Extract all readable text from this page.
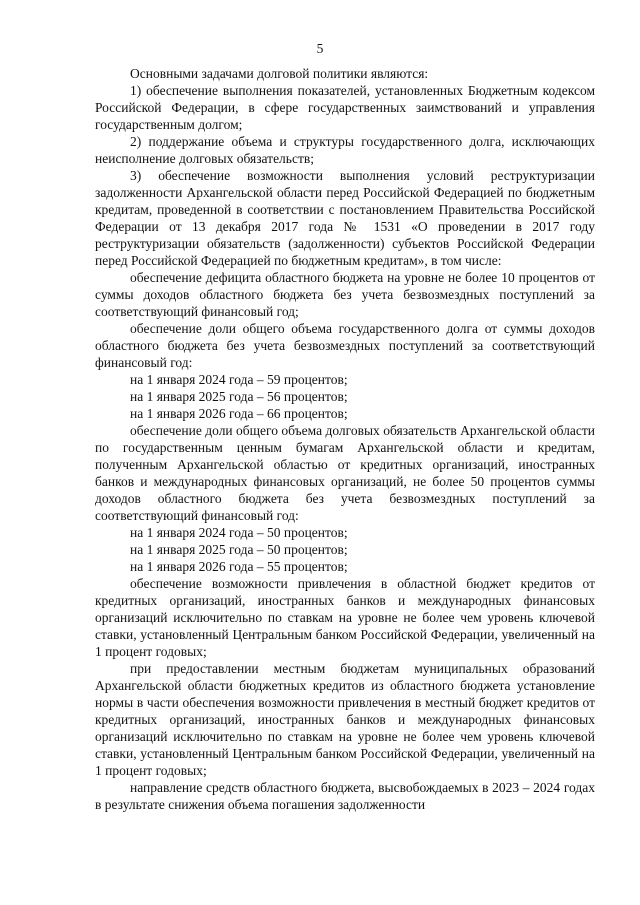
5

Основными задачами долговой политики являются:

1) обеспечение выполнения показателей, установленных Бюджетным кодексом Российской Федерации, в сфере государственных заимствований и управления государственным долгом;

2) поддержание объема и структуры государственного долга, исключающих неисполнение долговых обязательств;

3) обеспечение возможности выполнения условий реструктуризации задолженности Архангельской области перед Российской Федерацией по бюджетным кредитам, проведенной в соответствии с постановлением Правительства Российской Федерации от 13 декабря 2017 года № 1531 «О проведении в 2017 году реструктуризации обязательств (задолженности) субъектов Российской Федерации перед Российской Федерацией по бюджетным кредитам», в том числе:

обеспечение дефицита областного бюджета на уровне не более 10 процентов от суммы доходов областного бюджета без учета безвозмездных поступлений за соответствующий финансовый год;

обеспечение доли общего объема государственного долга от суммы доходов областного бюджета без учета безвозмездных поступлений за соответствующий финансовый год:

на 1 января 2024 года – 59 процентов;

на 1 января 2025 года – 56 процентов;

на 1 января 2026 года – 66 процентов;

обеспечение доли общего объема долговых обязательств Архангельской области по государственным ценным бумагам Архангельской области и кредитам, полученным Архангельской областью от кредитных организаций, иностранных банков и международных финансовых организаций, не более 50 процентов суммы доходов областного бюджета без учета безвозмездных поступлений за соответствующий финансовый год:

на 1 января 2024 года – 50 процентов;

на 1 января 2025 года – 50 процентов;

на 1 января 2026 года – 55 процентов;

обеспечение возможности привлечения в областной бюджет кредитов от кредитных организаций, иностранных банков и международных финансовых организаций исключительно по ставкам на уровне не более чем уровень ключевой ставки, установленный Центральным банком Российской Федерации, увеличенный на 1 процент годовых;

при предоставлении местным бюджетам муниципальных образований Архангельской области бюджетных кредитов из областного бюджета установление нормы в части обеспечения возможности привлечения в местный бюджет кредитов от кредитных организаций, иностранных банков и международных финансовых организаций исключительно по ставкам на уровне не более чем уровень ключевой ставки, установленный Центральным банком Российской Федерации, увеличенный на 1 процент годовых;

направление средств областного бюджета, высвобождаемых в 2023 – 2024 годах в результате снижения объема погашения задолженности
